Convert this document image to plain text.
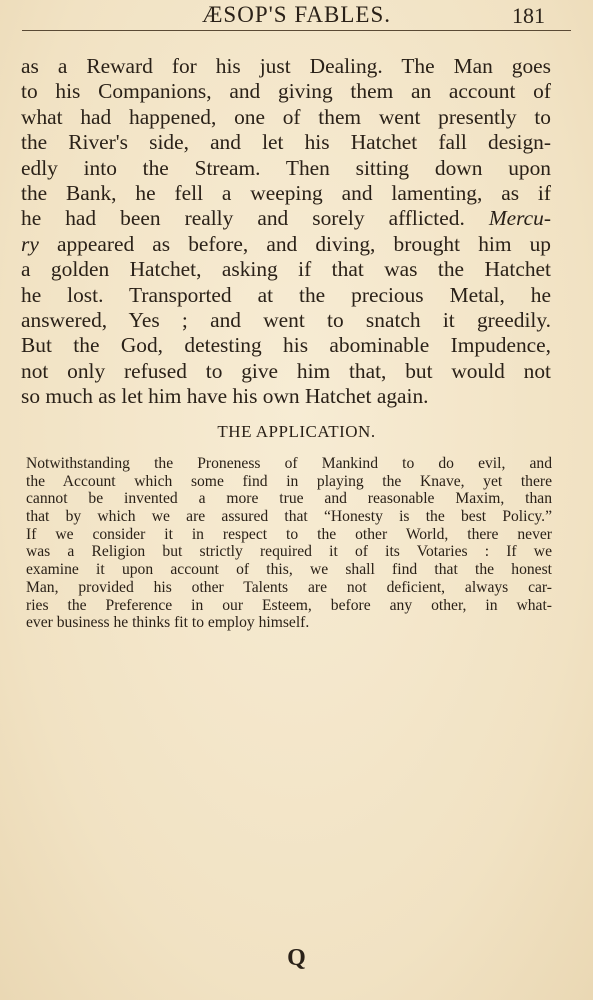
ÆSOP'S FABLES.	181

as a Reward for his just Dealing. The Man goes

to his Companions, and giving them an account of

what had happened, one of them went presently to

the River's side, and let his Hatchet fall design-

edly into the Stream. Then sitting down upon

the Bank, he fell a weeping and lamenting, as if

he had been really and sorely afflicted. Mercu-

ry appeared as before, and diving, brought him up

a golden Hatchet, asking if that was the Hatchet

he lost. Transported at the precious Metal, he

answered, Yes ; and went to snatch it greedily.

But the God, detesting his abominable Impudence,

not only refused to give him that, but would not

so much as let him have his own Hatchet again.

THE APPLICATION.

Notwithstanding the Proneness of Mankind to do evil, and

the Account which some find in playing the Knave, yet there

cannot be invented a more true and reasonable Maxim, than

that by which we are assured that “Honesty is the best Policy.”

If we consider it in respect to the other World, there never

was a Religion but strictly required it of its Votaries : If we

examine it upon account of this, we shall find that the honest

Man, provided his other Talents are not deficient, always car-

ries the Preference in our Esteem, before any other, in what-

ever business he thinks fit to employ himself.

Q
